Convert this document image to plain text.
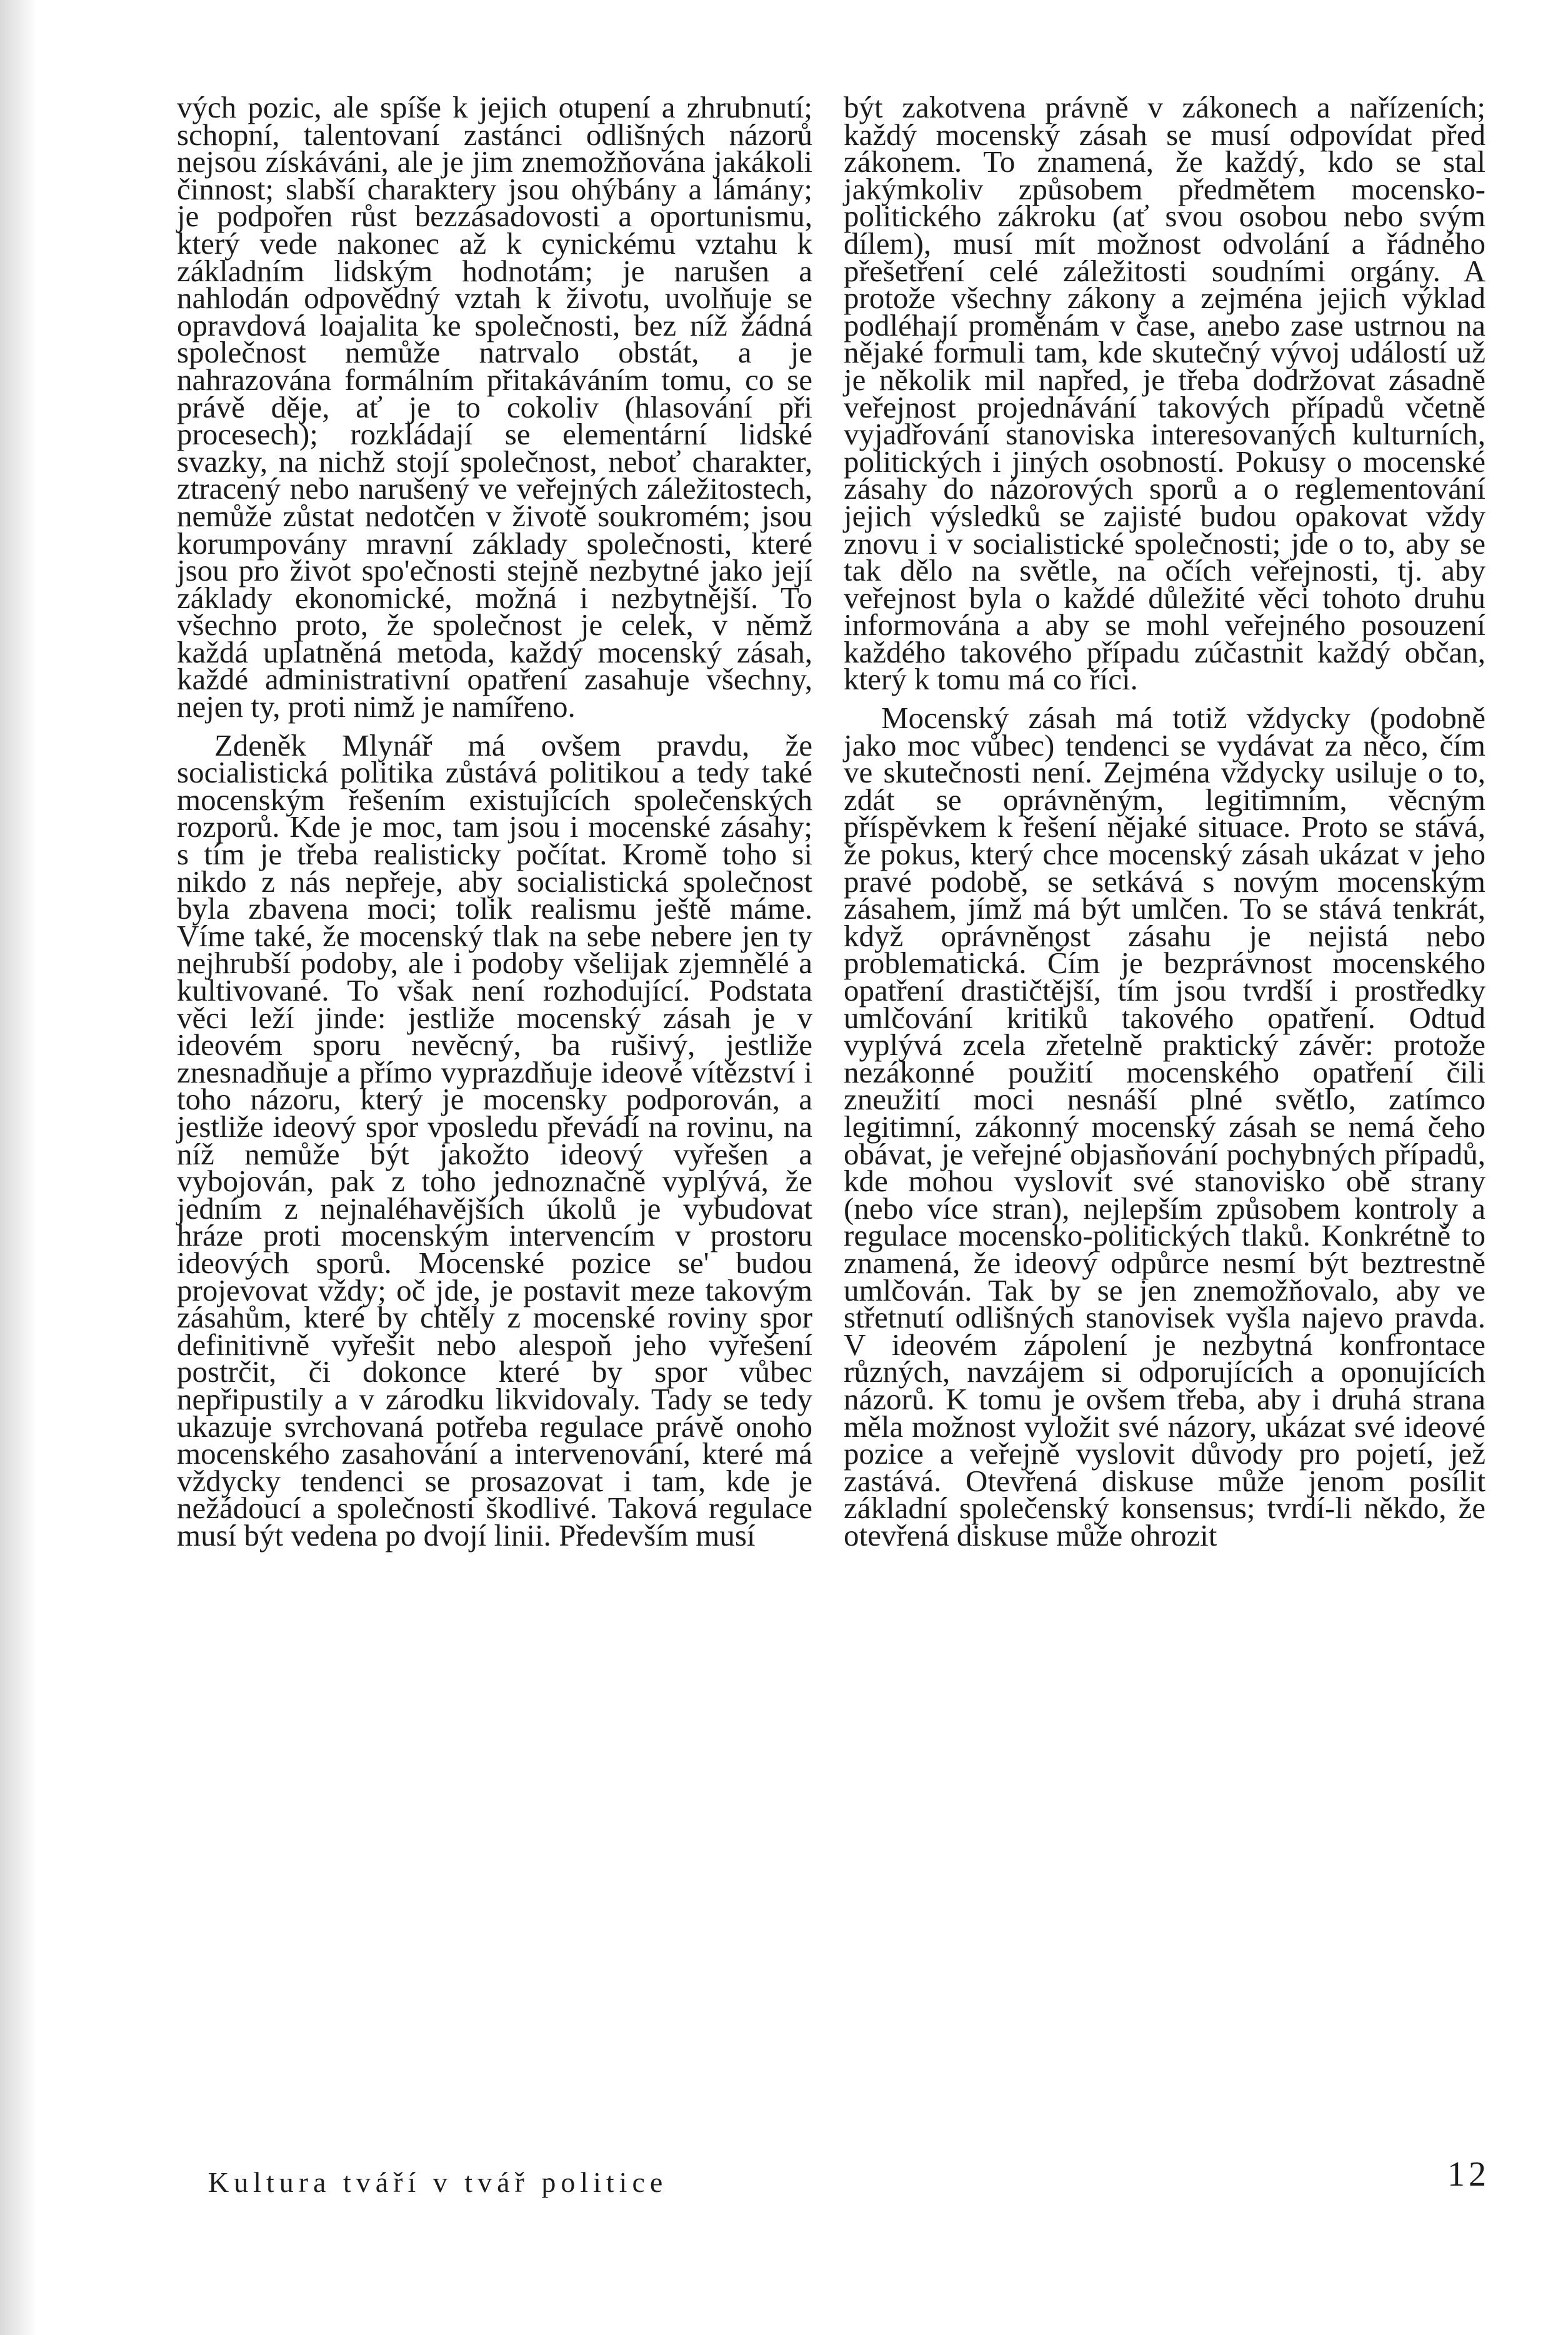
vých pozic, ale spíše k jejich otupení a zhrubnutí; schopní, talentovaní zastánci odlišných názorů nejsou získáváni, ale je jim znemožňována jakákoli činnost; slabší charaktery jsou ohýbány a lámány; je podpořen růst bezzásadovosti a oportunismu, který vede nakonec až k cynickému vztahu k základním lidským hodnotám; je narušen a nahlodán odpovědný vztah k životu, uvolňuje se opravdová loajalita ke společnosti, bez níž žádná společnost nemůže natrvalo obstát, a je nahrazována formálním přitakáváním tomu, co se právě děje, ať je to cokoliv (hlasování při procesech); rozkládají se elementární lidské svazky, na nichž stojí společnost, neboť charakter, ztracený nebo narušený ve veřejných záležitostech, nemůže zůstat nedotčen v životě soukromém; jsou korumpovány mravní základy společnosti, které jsou pro život spo'ečnosti stejně nezbytné jako její základy ekonomické, možná i nezbytnější. To všechno proto, že společnost je celek, v němž každá uplatněná metoda, každý mocenský zásah, každé administrativní opatření zasahuje všechny, nejen ty, proti nimž je namířeno.

Zdeněk Mlynář má ovšem pravdu, že socialistická politika zůstává politikou a tedy také mocenským řešením existujících společenských rozporů. Kde je moc, tam jsou i mocenské zásahy; s tím je třeba realisticky počítat. Kromě toho si nikdo z nás nepřeje, aby socialistická společnost byla zbavena moci; tolik realismu ještě máme. Víme také, že mocenský tlak na sebe nebere jen ty nejhrubší podoby, ale i podoby všelijak zjemnělé a kultivované. To však není rozhodující. Podstata věci leží jinde: jestliže mocenský zásah je v ideovém sporu nevěcný, ba rušivý, jestliže znesnadňuje a přímo vyprazdňuje ideové vítězství i toho názoru, který je mocensky podporován, a jestliže ideový spor vposledu převádí na rovinu, na níž nemůže být jakožto ideový vyřešen a vybojován, pak z toho jednoznačně vyplývá, že jedním z nejnaléhavějších úkolů je vybudovat hráze proti mocenským intervencím v prostoru ideových sporů. Mocenské pozice se' budou projevovat vždy; oč jde, je postavit meze takovým zásahům, které by chtěly z mocenské roviny spor definitivně vyřešit nebo alespoň jeho vyřešení postrčit, či dokonce které by spor vůbec nepřipustily a v zárodku likvidovaly. Tady se tedy ukazuje svrchovaná potřeba regulace právě onoho mocenského zasahování a intervenování, které má vždycky tendenci se prosazovat i tam, kde je nežádoucí a společnosti škodlivé. Taková regulace musí být vedena po dvojí linii. Především musí

být zakotvena právně v zákonech a nařízeních; každý mocenský zásah se musí odpovídat před zákonem. To znamená, že každý, kdo se stal jakýmkoliv způsobem předmětem mocensko-politického zákroku (ať svou osobou nebo svým dílem), musí mít možnost odvolání a řádného přešetření celé záležitosti soudními orgány. A protože všechny zákony a zejména jejich výklad podléhají proměnám v čase, anebo zase ustrnou na nějaké formuli tam, kde skutečný vývoj událostí už je několik mil napřed, je třeba dodržovat zásadně veřejnost projednávání takových případů včetně vyjadřování stanoviska interesovaných kulturních, politických i jiných osobností. Pokusy o mocenské zásahy do názorových sporů a o reglementování jejich výsledků se zajisté budou opakovat vždy znovu i v socialistické společnosti; jde o to, aby se tak dělo na světle, na očích veřejnosti, tj. aby veřejnost byla o každé důležité věci tohoto druhu informována a aby se mohl veřejného posouzení každého takového případu zúčastnit každý občan, který k tomu má co říci.

Mocenský zásah má totiž vždycky (podobně jako moc vůbec) tendenci se vydávat za něco, čím ve skutečnosti není. Zejména vždycky usiluje o to, zdát se oprávněným, legitimním, věcným příspěvkem k řešení nějaké situace. Proto se stává, že pokus, který chce mocenský zásah ukázat v jeho pravé podobě, se setkává s novým mocenským zásahem, jímž má být umlčen. To se stává tenkrát, když oprávněnost zásahu je nejistá nebo problematická. Čím je bezprávnost mocenského opatření drastičtější, tím jsou tvrdší i prostředky umlčování kritiků takového opatření. Odtud vyplývá zcela zřetelně praktický závěr: protože nezákonné použití mocenského opatření čili zneužití moci nesnáší plné světlo, zatímco legitimní, zákonný mocenský zásah se nemá čeho obávat, je veřejné objasňování pochybných případů, kde mohou vyslovit své stanovisko obě strany (nebo více stran), nejlepším způsobem kontroly a regulace mocensko-politických tlaků. Konkrétně to znamená, že ideový odpůrce nesmí být beztrestně umlčován. Tak by se jen znemožňovalo, aby ve střetnutí odlišných stanovisek vyšla najevo pravda. V ideovém zápolení je nezbytná konfrontace různých, navzájem si odporujících a oponujících názorů. K tomu je ovšem třeba, aby i druhá strana měla možnost vyložit své názory, ukázat své ideové pozice a veřejně vyslovit důvody pro pojetí, jež zastává. Otevřená diskuse může jenom posílit základní společenský konsensus; tvrdí-li někdo, že otevřená diskuse může ohrozit

Kultura tváří v tvář politice	12
